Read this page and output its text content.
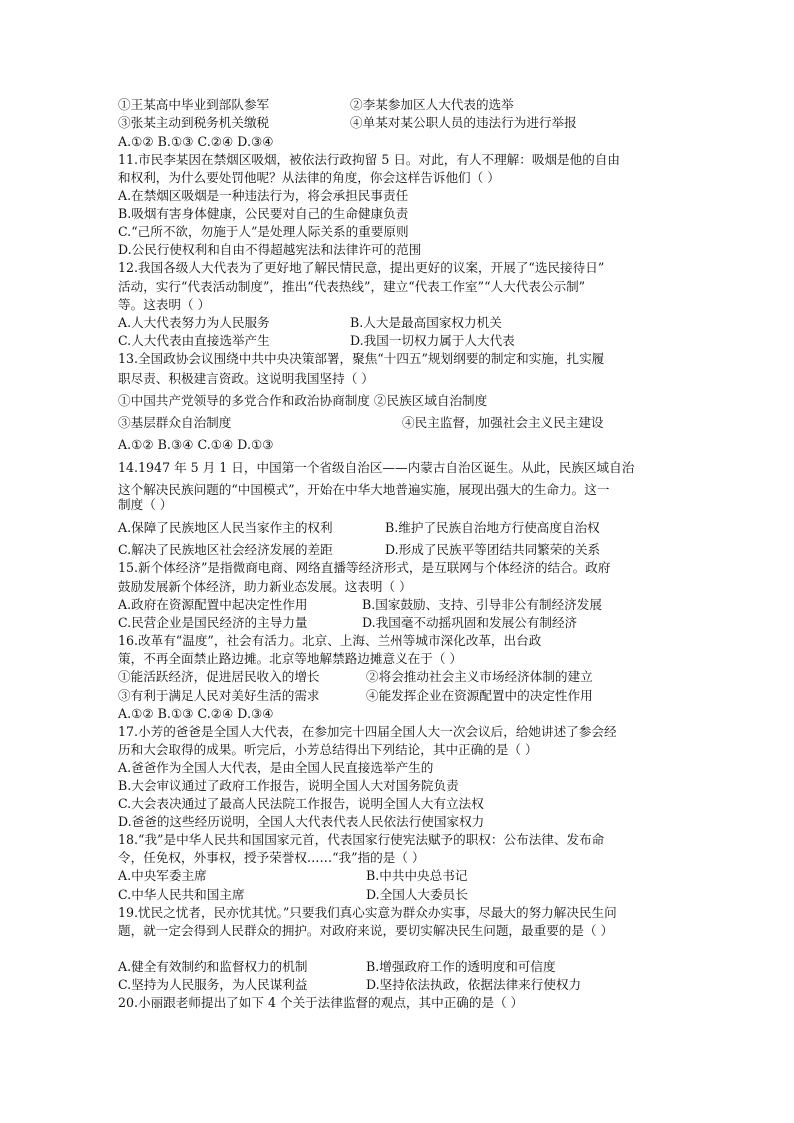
①王某高中毕业到部队参军	②李某参加区人大代表的选举
③张某主动到税务机关缴税	④单某对某公职人员的违法行为进行举报
A.①② B.①③ C.②④ D.③④
11.市民李某因在禁烟区吸烟，被依法行政拘留 5 日。对此，有人不理解：吸烟是他的自由
和权利，为什么要处罚他呢？从法律的角度，你会这样告诉他们（ ）
A.在禁烟区吸烟是一种违法行为，将会承担民事责任
B.吸烟有害身体健康，公民要对自己的生命健康负责
C.“己所不欲，勿施于人”是处理人际关系的重要原则
D.公民行使权利和自由不得超越宪法和法律许可的范围
12.我国各级人大代表为了更好地了解民情民意，提出更好的议案，开展了“选民接待日”
活动，实行“代表活动制度”，推出“代表热线”，建立“代表工作室”“人大代表公示制”
等。这表明（ ）
A.人大代表努力为人民服务	B.人大是最高国家权力机关
C.人大代表由直接选举产生	D.我国一切权力属于人大代表
13.全国政协会议围绕中共中央决策部署，聚焦“十四五”规划纲要的制定和实施，扎实履
职尽责、积极建言资政。这说明我国坚持（ ）
①中国共产党领导的多党合作和政治协商制度 ②民族区域自治制度
③基层群众自治制度	④民主监督，加强社会主义民主建设
A.①② B.③④ C.①④ D.①③
14.1947 年 5 月 1 日，中国第一个省级自治区——内蒙古自治区诞生。从此，民族区域自治
这个解决民族问题的“中国模式”，开始在中华大地普遍实施，展现出强大的生命力。这一
制度（ ）
A.保障了民族地区人民当家作主的权利	B.维护了民族自治地方行使高度自治权
C.解决了民族地区社会经济发展的差距	D.形成了民族平等团结共同繁荣的关系
15.新个体经济”是指微商电商、网络直播等经济形式，是互联网与个体经济的结合。政府
鼓励发展新个体经济，助力新业态发展。这表明（ ）
A.政府在资源配置中起决定性作用	B.国家鼓励、支持、引导非公有制经济发展
C.民营企业是国民经济的主导力量	D.我国毫不动摇巩固和发展公有制经济
16.改革有“温度”，社会有活力。北京、上海、兰州等城市深化改革，出台政
策，不再全面禁止路边摊。北京等地解禁路边摊意义在于（ ）
①能活跃经济，促进居民收入的增长	②将会推动社会主义市场经济体制的建立
③有利于满足人民对美好生活的需求	④能发挥企业在资源配置中的决定性作用
A.①② B.①③ C.②④ D.③④
17.小芳的爸爸是全国人大代表，在参加完十四届全国人大一次会议后，给她讲述了参会经
历和大会取得的成果。听完后，小芳总结得出下列结论，其中正确的是（ ）
A.爸爸作为全国人大代表，是由全国人民直接选举产生的
B.大会审议通过了政府工作报告，说明全国人大对国务院负责
C.大会表决通过了最高人民法院工作报告，说明全国人大有立法权
D.爸爸的这些经历说明，全国人大代表代表人民依法行使国家权力
18.“我”是中华人民共和国国家元首，代表国家行使宪法赋予的职权：公布法律、发布命
令，任免权，外事权，授予荣誉权……“我”指的是（ ）
A.中央军委主席	B.中共中央总书记
C.中华人民共和国主席	D.全国人大委员长
19.忧民之忧者，民亦忧其忧。”只要我们真心实意为群众办实事，尽最大的努力解决民生问
题，就一定会得到人民群众的拥护。对政府来说，要切实解决民生问题，最重要的是（ ）
A.健全有效制约和监督权力的机制	B.增强政府工作的透明度和可信度
C.坚持为人民服务，为人民谋利益	D.坚持依法执政，依据法律来行使权力
20.小丽跟老师提出了如下 4 个关于法律监督的观点，其中正确的是（ ）
